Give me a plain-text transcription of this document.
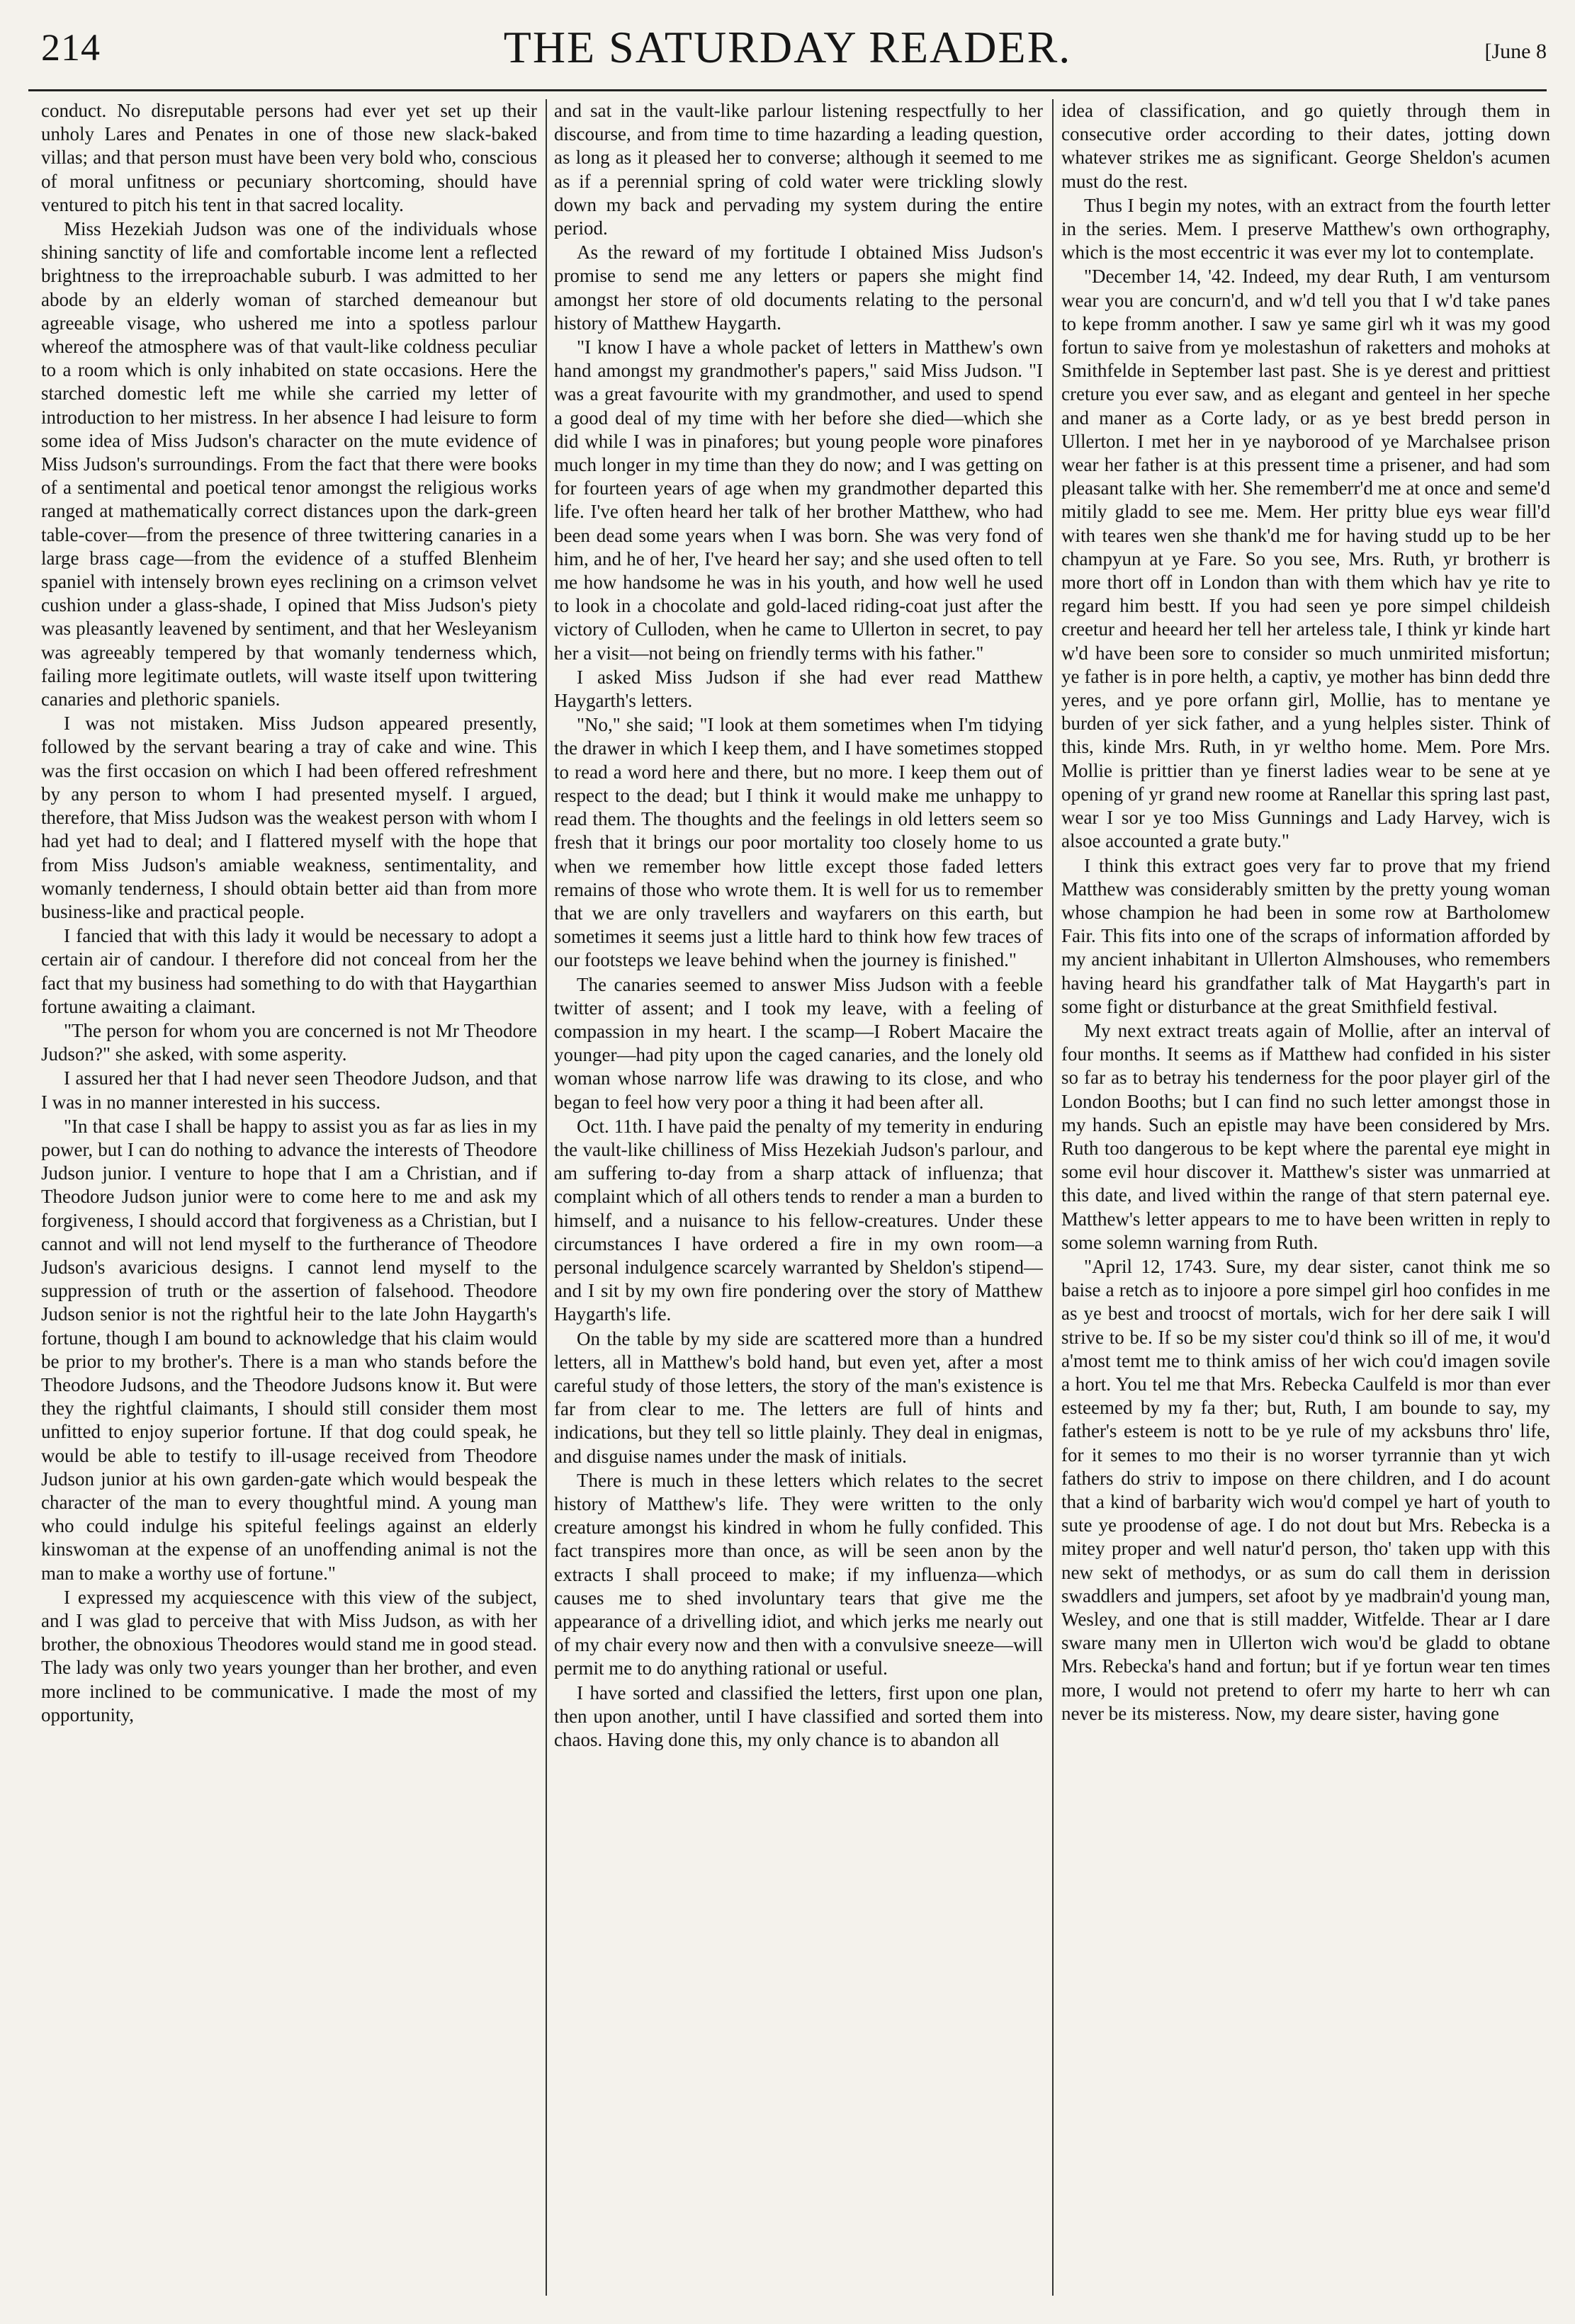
214	THE SATURDAY READER.	[June 8

conduct. No disreputable persons had ever yet set up their unholy Lares and Penates in one of those new slack-baked villas; and that person must have been very bold who, conscious of moral unfitness or pecuniary shortcoming, should have ventured to pitch his tent in that sacred locality.

Miss Hezekiah Judson was one of the individuals whose shining sanctity of life and comfortable income lent a reflected brightness to the irreproachable suburb. I was admitted to her abode by an elderly woman of starched demeanour but agreeable visage, who ushered me into a spotless parlour whereof the atmosphere was of that vault-like coldness peculiar to a room which is only inhabited on state occasions. Here the starched domestic left me while she carried my letter of introduction to her mistress. In her absence I had leisure to form some idea of Miss Judson's character on the mute evidence of Miss Judson's surroundings. From the fact that there were books of a sentimental and poetical tenor amongst the religious works ranged at mathematically correct distances upon the dark-green table-cover—from the presence of three twittering canaries in a large brass cage—from the evidence of a stuffed Blenheim spaniel with intensely brown eyes reclining on a crimson velvet cushion under a glass-shade, I opined that Miss Judson's piety was pleasantly leavened by sentiment, and that her Wesleyanism was agreeably tempered by that womanly tenderness which, failing more legitimate outlets, will waste itself upon twittering canaries and plethoric spaniels.

I was not mistaken. Miss Judson appeared presently, followed by the servant bearing a tray of cake and wine. This was the first occasion on which I had been offered refreshment by any person to whom I had presented myself. I argued, therefore, that Miss Judson was the weakest person with whom I had yet had to deal; and I flattered myself with the hope that from Miss Judson's amiable weakness, sentimentality, and womanly tenderness, I should obtain better aid than from more business-like and practical people.

I fancied that with this lady it would be necessary to adopt a certain air of candour. I therefore did not conceal from her the fact that my business had something to do with that Haygarthian fortune awaiting a claimant.

"The person for whom you are concerned is not Mr Theodore Judson?" she asked, with some asperity.

I assured her that I had never seen Theodore Judson, and that I was in no manner interested in his success.

"In that case I shall be happy to assist you as far as lies in my power, but I can do nothing to advance the interests of Theodore Judson junior. I venture to hope that I am a Christian, and if Theodore Judson junior were to come here to me and ask my forgiveness, I should accord that forgiveness as a Christian, but I cannot and will not lend myself to the furtherance of Theodore Judson's avaricious designs. I cannot lend myself to the suppression of truth or the assertion of falsehood. Theodore Judson senior is not the rightful heir to the late John Haygarth's fortune, though I am bound to acknowledge that his claim would be prior to my brother's. There is a man who stands before the Theodore Judsons, and the Theodore Judsons know it. But were they the rightful claimants, I should still consider them most unfitted to enjoy superior fortune. If that dog could speak, he would be able to testify to ill-usage received from Theodore Judson junior at his own garden-gate which would bespeak the character of the man to every thoughtful mind. A young man who could indulge his spiteful feelings against an elderly kinswoman at the expense of an unoffending animal is not the man to make a worthy use of fortune."

I expressed my acquiescence with this view of the subject, and I was glad to perceive that with Miss Judson, as with her brother, the obnoxious Theodores would stand me in good stead. The lady was only two years younger than her brother, and even more inclined to be communicative. I made the most of my opportunity,

and sat in the vault-like parlour listening respectfully to her discourse, and from time to time hazarding a leading question, as long as it pleased her to converse; although it seemed to me as if a perennial spring of cold water were trickling slowly down my back and pervading my system during the entire period.

As the reward of my fortitude I obtained Miss Judson's promise to send me any letters or papers she might find amongst her store of old documents relating to the personal history of Matthew Haygarth.

"I know I have a whole packet of letters in Matthew's own hand amongst my grandmother's papers," said Miss Judson. "I was a great favourite with my grandmother, and used to spend a good deal of my time with her before she died—which she did while I was in pinafores; but young people wore pinafores much longer in my time than they do now; and I was getting on for fourteen years of age when my grandmother departed this life. I've often heard her talk of her brother Matthew, who had been dead some years when I was born. She was very fond of him, and he of her, I've heard her say; and she used often to tell me how handsome he was in his youth, and how well he used to look in a chocolate and gold-laced riding-coat just after the victory of Culloden, when he came to Ullerton in secret, to pay her a visit—not being on friendly terms with his father."

I asked Miss Judson if she had ever read Matthew Haygarth's letters.

"No," she said; "I look at them sometimes when I'm tidying the drawer in which I keep them, and I have sometimes stopped to read a word here and there, but no more. I keep them out of respect to the dead; but I think it would make me unhappy to read them. The thoughts and the feelings in old letters seem so fresh that it brings our poor mortality too closely home to us when we remember how little except those faded letters remains of those who wrote them. It is well for us to remember that we are only travellers and wayfarers on this earth, but sometimes it seems just a little hard to think how few traces of our footsteps we leave behind when the journey is finished."

The canaries seemed to answer Miss Judson with a feeble twitter of assent; and I took my leave, with a feeling of compassion in my heart. I the scamp—I Robert Macaire the younger—had pity upon the caged canaries, and the lonely old woman whose narrow life was drawing to its close, and who began to feel how very poor a thing it had been after all.

Oct. 11th. I have paid the penalty of my temerity in enduring the vault-like chilliness of Miss Hezekiah Judson's parlour, and am suffering to-day from a sharp attack of influenza; that complaint which of all others tends to render a man a burden to himself, and a nuisance to his fellow-creatures. Under these circumstances I have ordered a fire in my own room—a personal indulgence scarcely warranted by Sheldon's stipend—and I sit by my own fire pondering over the story of Matthew Haygarth's life.

On the table by my side are scattered more than a hundred letters, all in Matthew's bold hand, but even yet, after a most careful study of those letters, the story of the man's existence is far from clear to me. The letters are full of hints and indications, but they tell so little plainly. They deal in enigmas, and disguise names under the mask of initials.

There is much in these letters which relates to the secret history of Matthew's life. They were written to the only creature amongst his kindred in whom he fully confided. This fact transpires more than once, as will be seen anon by the extracts I shall proceed to make; if my influenza—which causes me to shed involuntary tears that give me the appearance of a drivelling idiot, and which jerks me nearly out of my chair every now and then with a convulsive sneeze—will permit me to do anything rational or useful.

I have sorted and classified the letters, first upon one plan, then upon another, until I have classified and sorted them into chaos. Having done this, my only chance is to abandon all

idea of classification, and go quietly through them in consecutive order according to their dates, jotting down whatever strikes me as significant. George Sheldon's acumen must do the rest.

Thus I begin my notes, with an extract from the fourth letter in the series. Mem. I preserve Matthew's own orthography, which is the most eccentric it was ever my lot to contemplate.

"December 14, '42. Indeed, my dear Ruth, I am ventursom wear you are concurn'd, and w'd tell you that I w'd take panes to kepe fromm another. I saw ye same girl wh it was my good fortun to saive from ye molestashun of raketters and mohoks at Smithfelde in September last past. She is ye derest and prittiest creture you ever saw, and as elegant and genteel in her speche and maner as a Corte lady, or as ye best bredd person in Ullerton. I met her in ye nayborood of ye Marchalsee prison wear her father is at this pressent time a prisener, and had som pleasant talke with her. She rememberr'd me at once and seme'd mitily gladd to see me. Mem. Her pritty blue eys wear fill'd with teares wen she thank'd me for having studd up to be her champyun at ye Fare. So you see, Mrs. Ruth, yr brotherr is more thort off in London than with them which hav ye rite to regard him bestt. If you had seen ye pore simpel childeish creetur and heeard her tell her arteless tale, I think yr kinde hart w'd have been sore to consider so much unmirited misfortun; ye father is in pore helth, a captiv, ye mother has binn dedd thre yeres, and ye pore orfann girl, Mollie, has to mentane ye burden of yer sick father, and a yung helples sister. Think of this, kinde Mrs. Ruth, in yr weltho home. Mem. Pore Mrs. Mollie is prittier than ye finerst ladies wear to be sene at ye opening of yr grand new roome at Ranellar this spring last past, wear I sor ye too Miss Gunnings and Lady Harvey, wich is alsoe accounted a grate buty."

I think this extract goes very far to prove that my friend Matthew was considerably smitten by the pretty young woman whose champion he had been in some row at Bartholomew Fair. This fits into one of the scraps of information afforded by my ancient inhabitant in Ullerton Almshouses, who remembers having heard his grandfather talk of Mat Haygarth's part in some fight or disturbance at the great Smithfield festival.

My next extract treats again of Mollie, after an interval of four months. It seems as if Matthew had confided in his sister so far as to betray his tenderness for the poor player girl of the London Booths; but I can find no such letter amongst those in my hands. Such an epistle may have been considered by Mrs. Ruth too dangerous to be kept where the parental eye might in some evil hour discover it. Matthew's sister was unmarried at this date, and lived within the range of that stern paternal eye. Matthew's letter appears to me to have been written in reply to some solemn warning from Ruth.

"April 12, 1743. Sure, my dear sister, canot think me so baise a retch as to injoore a pore simpel girl hoo confides in me as ye best and troocst of mortals, wich for her dere saik I will strive to be. If so be my sister cou'd think so ill of me, it wou'd a'most temt me to think amiss of her wich cou'd imagen sovile a hort. You tel me that Mrs. Rebecka Caulfeld is mor than ever esteemed by my fa ther; but, Ruth, I am bounde to say, my father's esteem is nott to be ye rule of my acksbuns thro' life, for it semes to mo their is no worser tyrrannie than yt wich fathers do striv to impose on there children, and I do acount that a kind of barbarity wich wou'd compel ye hart of youth to sute ye proodense of age. I do not dout but Mrs. Rebecka is a mitey proper and well natur'd person, tho' taken upp with this new sekt of methodys, or as sum do call them in derission swaddlers and jumpers, set afoot by ye madbrain'd young man, Wesley, and one that is still madder, Witfelde. Thear ar I dare sware many men in Ullerton wich wou'd be gladd to obtane Mrs. Rebecka's hand and fortun; but if ye fortun wear ten times more, I would not pretend to oferr my harte to herr wh can never be its misteress. Now, my deare sister, having gone
